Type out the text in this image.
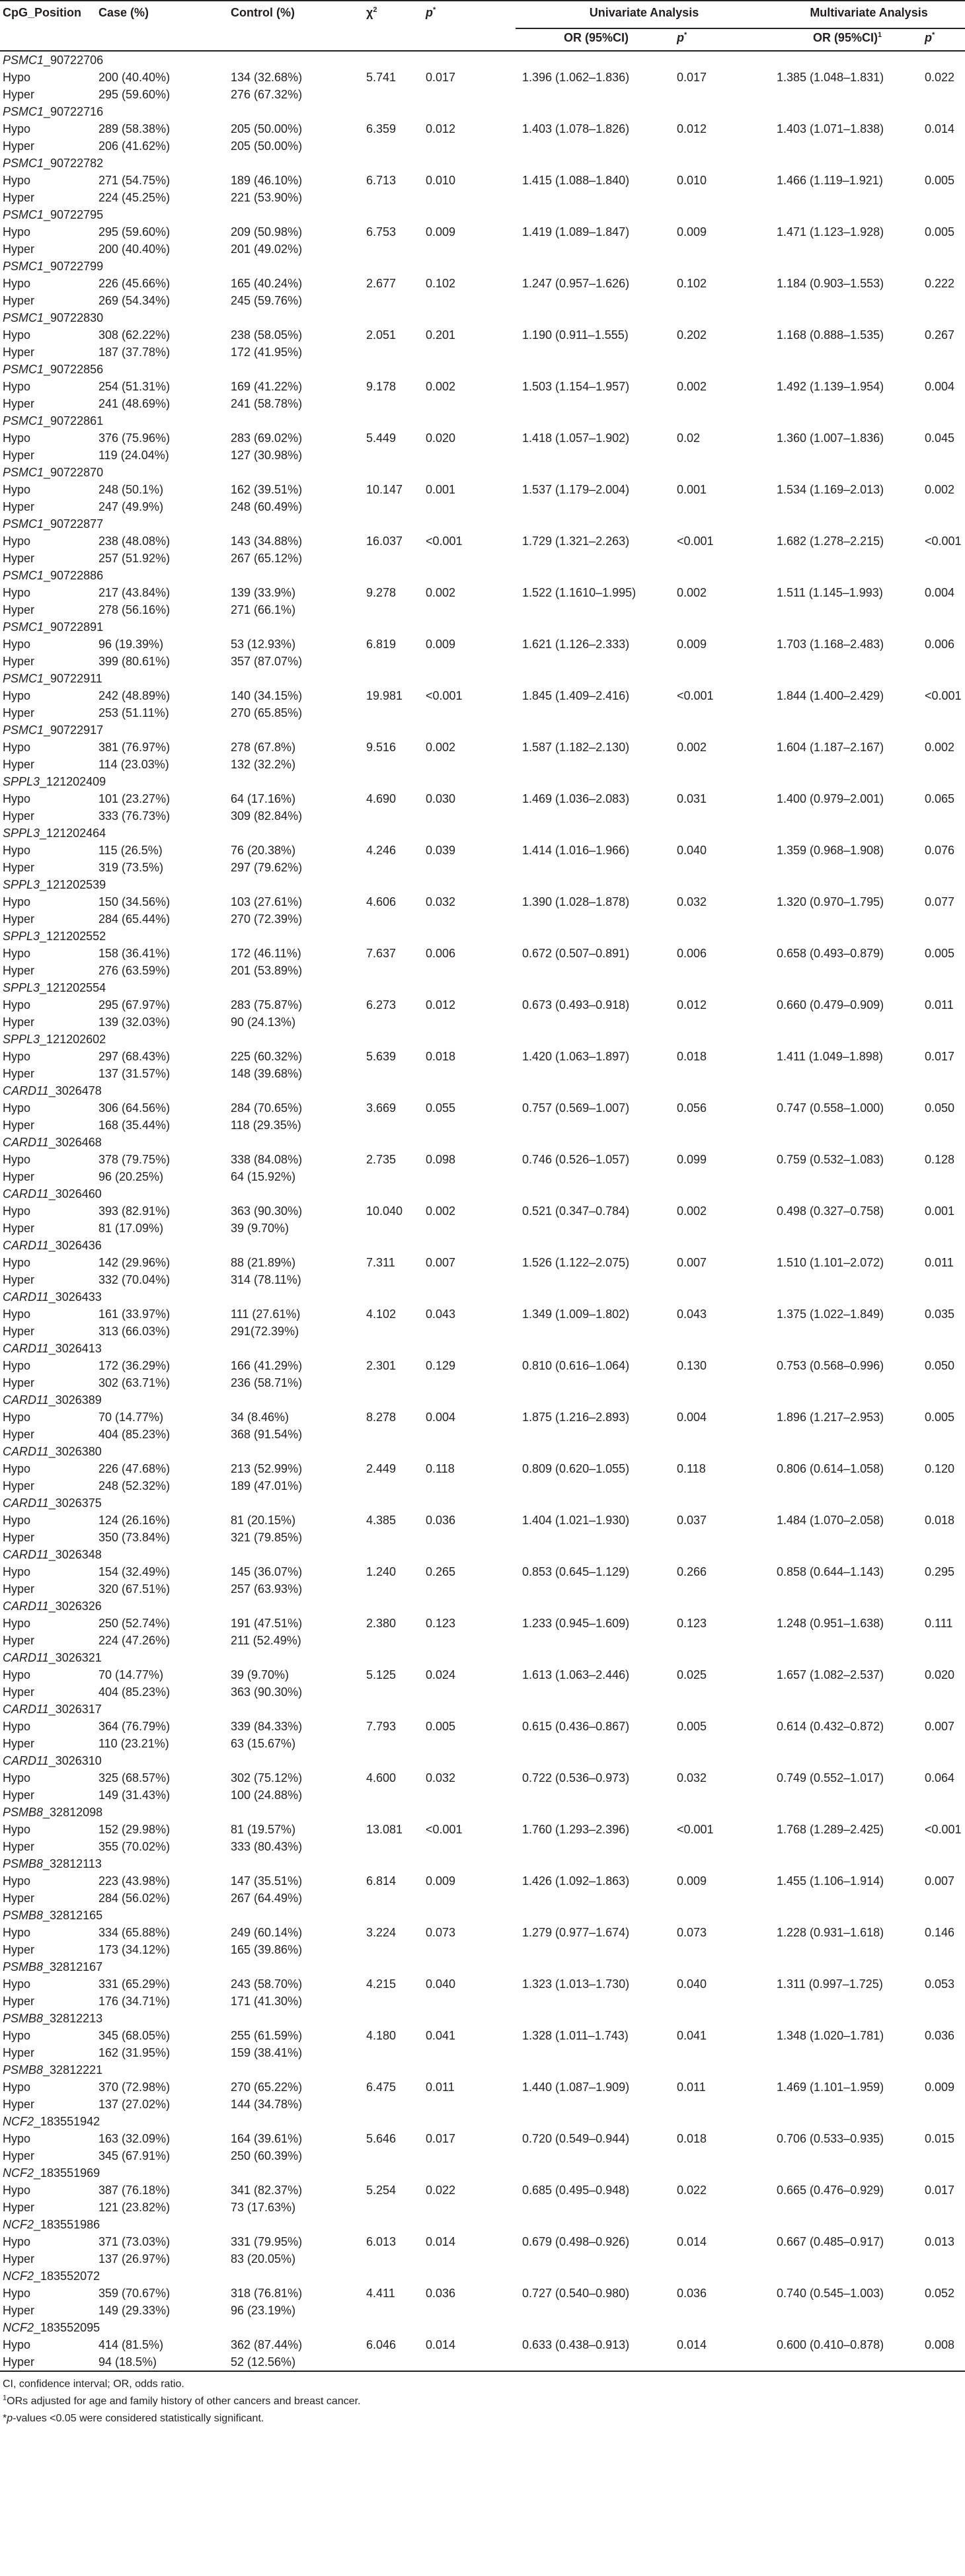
CpG_Position	Case (%)	Control (%)	$\chi^2$	p*	Univariate Analysis		Multivariate Analysis	
					OR (95%CI)	p*	OR $(95\%CI)^1$	p*
PSMC1_90722706								
Hypo	200 (40.40%)	134 (32.68%)	5.741	0.017	1.396 (1.062–1.836)	0.017	1.385 (1.048–1.831)	0.022
Hyper	295 (59.60%)	276 (67.32%)						
PSMC1_90722716								
Hypo	289 (58.38%)	205 (50.00%)	6.359	0.012	1.403 (1.078–1.826)	0.012	1.403 (1.071–1.838)	0.014
Hyper	206 (41.62%)	205 (50.00%)						
PSMC1_90722782								
Hypo	271 (54.75%)	189 (46.10%)	6.713	0.010	1.415 (1.088–1.840)	0.010	1.466 (1.119–1.921)	0.005
Hyper	224 (45.25%)	221 (53.90%)						
PSMC1_90722795								
Hypo	295 (59.60%)	209 (50.98%)	6.753	0.009	1.419 (1.089–1.847)	0.009	1.471 (1.123–1.928)	0.005
Hyper	200 (40.40%)	201 (49.02%)						
PSMC1_90722799								
Hypo	226 (45.66%)	165 (40.24%)	2.677	0.102	1.247 (0.957–1.626)	0.102	1.184 (0.903–1.553)	0.222
Hyper	269 (54.34%)	245 (59.76%)						
PSMC1_90722830								
Hypo	308 (62.22%)	238 (58.05%)	2.051	0.201	1.190 (0.911–1.555)	0.202	1.168 (0.888–1.535)	0.267
Hyper	187 (37.78%)	172 (41.95%)						
PSMC1_90722856								
Hypo	254 (51.31%)	169 (41.22%)	9.178	0.002	1.503 (1.154–1.957)	0.002	1.492 (1.139–1.954)	0.004
Hyper	241 (48.69%)	241 (58.78%)						
PSMC1_90722861								
Hypo	376 (75.96%)	283 (69.02%)	5.449	0.020	1.418 (1.057–1.902)	0.02	1.360 (1.007–1.836)	0.045
Hyper	119 (24.04%)	127 (30.98%)						
PSMC1_90722870								
Hypo	248 (50.1%)	162 (39.51%)	10.147	0.001	1.537 (1.179–2.004)	0.001	1.534 (1.169–2.013)	0.002
Hyper	247 (49.9%)	248 (60.49%)						
PSMC1_90722877								
Hypo	238 (48.08%)	143 (34.88%)	16.037	<0.001	1.729 (1.321–2.263)	<0.001	1.682 (1.278–2.215)	<0.001
Hyper	257 (51.92%)	267 (65.12%)						
PSMC1_90722886								
Hypo	217 (43.84%)	139 (33.9%)	9.278	0.002	1.522 (1.1610–1.995)	0.002	1.511 (1.145–1.993)	0.004
Hyper	278 (56.16%)	271 (66.1%)						
PSMC1_90722891								
Hypo	96 (19.39%)	53 (12.93%)	6.819	0.009	1.621 (1.126–2.333)	0.009	1.703 (1.168–2.483)	0.006
Hyper	399 (80.61%)	357 (87.07%)						
PSMC1_90722911								
Hypo	242 (48.89%)	140 (34.15%)	19.981	<0.001	1.845 (1.409–2.416)	<0.001	1.844 (1.400–2.429)	<0.001
Hyper	253 (51.11%)	270 (65.85%)						
PSMC1_90722917								
Hypo	381 (76.97%)	278 (67.8%)	9.516	0.002	1.587 (1.182–2.130)	0.002	1.604 (1.187–2.167)	0.002
Hyper	114 (23.03%)	132 (32.2%)						
SPPL3_121202409								
Hypo	101 (23.27%)	64 (17.16%)	4.690	0.030	1.469 (1.036–2.083)	0.031	1.400 (0.979–2.001)	0.065
Hyper	333 (76.73%)	309 (82.84%)						
SPPL3_121202464								
Hypo	115 (26.5%)	76 (20.38%)	4.246	0.039	1.414 (1.016–1.966)	0.040	1.359 (0.968–1.908)	0.076
Hyper	319 (73.5%)	297 (79.62%)						
SPPL3_121202539								
Hypo	150 (34.56%)	103 (27.61%)	4.606	0.032	1.390 (1.028–1.878)	0.032	1.320 (0.970–1.795)	0.077
Hyper	284 (65.44%)	270 (72.39%)						
SPPL3_121202552								
Hypo	158 (36.41%)	172 (46.11%)	7.637	0.006	0.672 (0.507–0.891)	0.006	0.658 (0.493–0.879)	0.005
Hyper	276 (63.59%)	201 (53.89%)						
SPPL3_121202554								
Hypo	295 (67.97%)	283 (75.87%)	6.273	0.012	0.673 (0.493–0.918)	0.012	0.660 (0.479–0.909)	0.011
Hyper	139 (32.03%)	90 (24.13%)						
SPPL3_121202602								
Hypo	297 (68.43%)	225 (60.32%)	5.639	0.018	1.420 (1.063–1.897)	0.018	1.411 (1.049–1.898)	0.017
Hyper	137 (31.57%)	148 (39.68%)						
CARD11_3026478								
Hypo	306 (64.56%)	284 (70.65%)	3.669	0.055	0.757 (0.569–1.007)	0.056	0.747 (0.558–1.000)	0.050
Hyper	168 (35.44%)	118 (29.35%)						
CARD11_3026468								
Hypo	378 (79.75%)	338 (84.08%)	2.735	0.098	0.746 (0.526–1.057)	0.099	0.759 (0.532–1.083)	0.128
Hyper	96 (20.25%)	64 (15.92%)						
CARD11_3026460								
Hypo	393 (82.91%)	363 (90.30%)	10.040	0.002	0.521 (0.347–0.784)	0.002	0.498 (0.327–0.758)	0.001
Hyper	81 (17.09%)	39 (9.70%)						
CARD11_3026436								
Hypo	142 (29.96%)	88 (21.89%)	7.311	0.007	1.526 (1.122–2.075)	0.007	1.510 (1.101–2.072)	0.011
Hyper	332 (70.04%)	314 (78.11%)						
CARD11_3026433								
Hypo	161 (33.97%)	111 (27.61%)	4.102	0.043	1.349 (1.009–1.802)	0.043	1.375 (1.022–1.849)	0.035
Hyper	313 (66.03%)	291(72.39%)						
CARD11_3026413								
Hypo	172 (36.29%)	166 (41.29%)	2.301	0.129	0.810 (0.616–1.064)	0.130	0.753 (0.568–0.996)	0.050
Hyper	302 (63.71%)	236 (58.71%)						
CARD11_3026389								
Hypo	70 (14.77%)	34 (8.46%)	8.278	0.004	1.875 (1.216–2.893)	0.004	1.896 (1.217–2.953)	0.005
Hyper	404 (85.23%)	368 (91.54%)						
CARD11_3026380								
Hypo	226 (47.68%)	213 (52.99%)	2.449	0.118	0.809 (0.620–1.055)	0.118	0.806 (0.614–1.058)	0.120
Hyper	248 (52.32%)	189 (47.01%)						
CARD11_3026375								
Hypo	124 (26.16%)	81 (20.15%)	4.385	0.036	1.404 (1.021–1.930)	0.037	1.484 (1.070–2.058)	0.018
Hyper	350 (73.84%)	321 (79.85%)						
CARD11_3026348								
Hypo	154 (32.49%)	145 (36.07%)	1.240	0.265	0.853 (0.645–1.129)	0.266	0.858 (0.644–1.143)	0.295
Hyper	320 (67.51%)	257 (63.93%)						
CARD11_3026326								
Hypo	250 (52.74%)	191 (47.51%)	2.380	0.123	1.233 (0.945–1.609)	0.123	1.248 (0.951–1.638)	0.111
Hyper	224 (47.26%)	211 (52.49%)						
CARD11_3026321								
Hypo	70 (14.77%)	39 (9.70%)	5.125	0.024	1.613 (1.063–2.446)	0.025	1.657 (1.082–2.537)	0.020
Hyper	404 (85.23%)	363 (90.30%)						
CARD11_3026317								
Hypo	364 (76.79%)	339 (84.33%)	7.793	0.005	0.615 (0.436–0.867)	0.005	0.614 (0.432–0.872)	0.007
Hyper	110 (23.21%)	63 (15.67%)						
CARD11_3026310								
Hypo	325 (68.57%)	302 (75.12%)	4.600	0.032	0.722 (0.536–0.973)	0.032	0.749 (0.552–1.017)	0.064
Hyper	149 (31.43%)	100 (24.88%)						
PSMB8_32812098								
Hypo	152 (29.98%)	81 (19.57%)	13.081	<0.001	1.760 (1.293–2.396)	<0.001	1.768 (1.289–2.425)	<0.001
Hyper	355 (70.02%)	333 (80.43%)						
PSMB8_32812113								
Hypo	223 (43.98%)	147 (35.51%)	6.814	0.009	1.426 (1.092–1.863)	0.009	1.455 (1.106–1.914)	0.007
Hyper	284 (56.02%)	267 (64.49%)						
PSMB8_32812165								
Hypo	334 (65.88%)	249 (60.14%)	3.224	0.073	1.279 (0.977–1.674)	0.073	1.228 (0.931–1.618)	0.146
Hyper	173 (34.12%)	165 (39.86%)						
PSMB8_32812167								
Hypo	331 (65.29%)	243 (58.70%)	4.215	0.040	1.323 (1.013–1.730)	0.040	1.311 (0.997–1.725)	0.053
Hyper	176 (34.71%)	171 (41.30%)						
PSMB8_32812213								
Hypo	345 (68.05%)	255 (61.59%)	4.180	0.041	1.328 (1.011–1.743)	0.041	1.348 (1.020–1.781)	0.036
Hyper	162 (31.95%)	159 (38.41%)						
PSMB8_32812221								
Hypo	370 (72.98%)	270 (65.22%)	6.475	0.011	1.440 (1.087–1.909)	0.011	1.469 (1.101–1.959)	0.009
Hyper	137 (27.02%)	144 (34.78%)						
NCF2_183551942								
Hypo	163 (32.09%)	164 (39.61%)	5.646	0.017	0.720 (0.549–0.944)	0.018	0.706 (0.533–0.935)	0.015
Hyper	345 (67.91%)	250 (60.39%)						
NCF2_183551969								
Hypo	387 (76.18%)	341 (82.37%)	5.254	0.022	0.685 (0.495–0.948)	0.022	0.665 (0.476–0.929)	0.017
Hyper	121 (23.82%)	73 (17.63%)						
NCF2_183551986								
Hypo	371 (73.03%)	331 (79.95%)	6.013	0.014	0.679 (0.498–0.926)	0.014	0.667 (0.485–0.917)	0.013
Hyper	137 (26.97%)	83 (20.05%)						
NCF2_183552072								
Hypo	359 (70.67%)	318 (76.81%)	4.411	0.036	0.727 (0.540–0.980)	0.036	0.740 (0.545–1.003)	0.052
Hyper	149 (29.33%)	96 (23.19%)						
NCF2_183552095								
Hypo	414 (81.5%)	362 (87.44%)	6.046	0.014	0.633 (0.438–0.913)	0.014	0.600 (0.410–0.878)	0.008
Hyper	94 (18.5%)	52 (12.56%)						
CI, confidence interval; OR, odds ratio.
$^1$ORs adjusted for age and family history of other cancers and breast cancer.
*p-values <0.05 were considered statistically significant.
